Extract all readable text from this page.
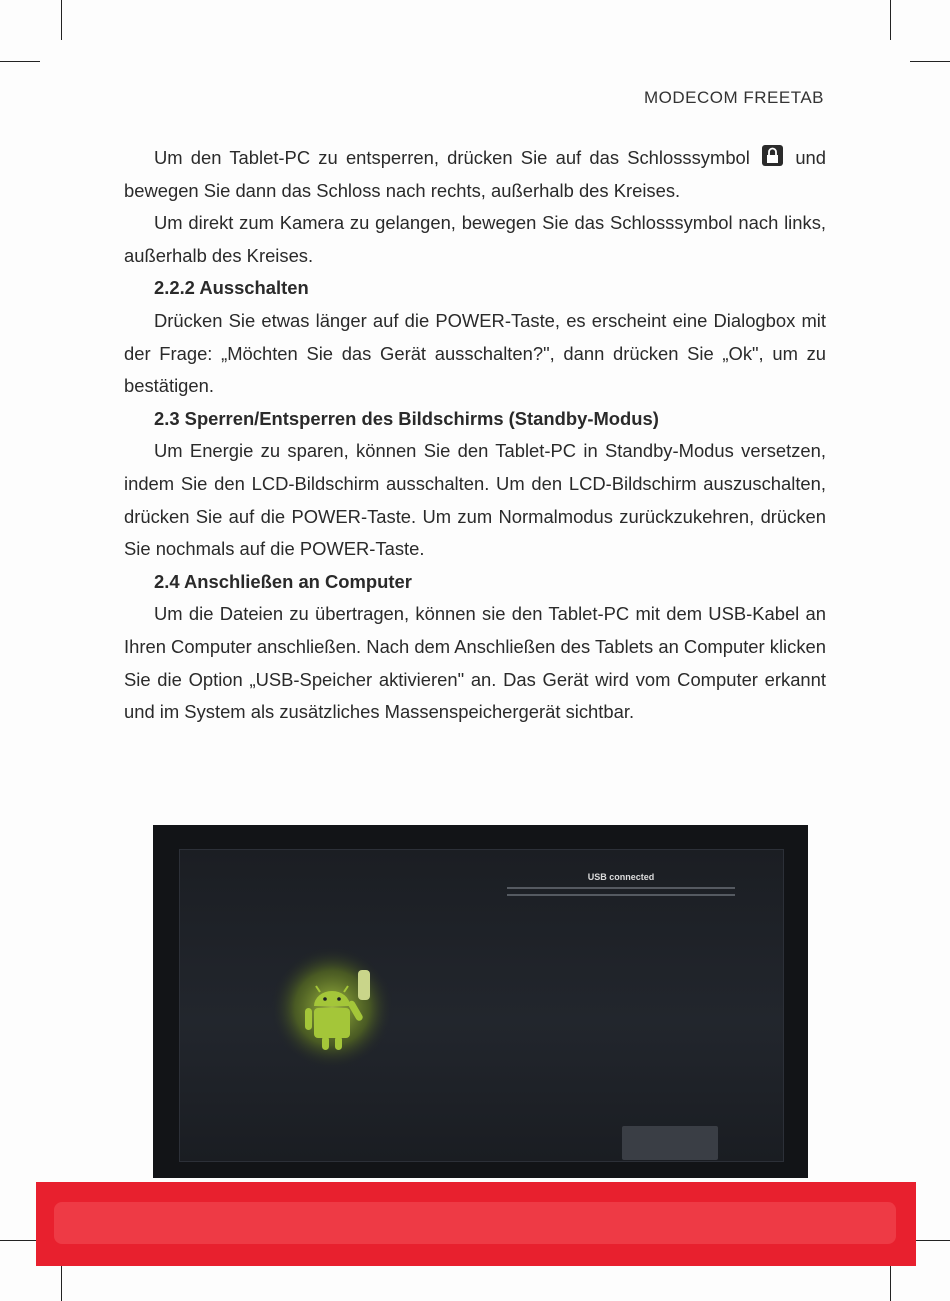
MODECOM FREETAB

Um den Tablet-PC zu entsperren, drücken Sie auf das Schlosssymbol und bewegen Sie dann das Schloss nach rechts, außerhalb des Kreises.

Um direkt zum Kamera zu gelangen, bewegen Sie das Schlosssymbol nach links, außerhalb des Kreises.

2.2.2 Ausschalten

Drücken Sie etwas länger auf die POWER-Taste, es erscheint eine Dialogbox mit der Frage: „Möchten Sie das Gerät ausschalten?", dann drücken Sie „Ok", um zu bestätigen.

2.3 Sperren/Entsperren des Bildschirms (Standby-Modus)

Um Energie zu sparen, können Sie den Tablet-PC in Standby-Modus versetzen, indem Sie den LCD-Bildschirm ausschalten. Um den LCD-Bildschirm auszuschalten, drücken Sie auf die POWER-Taste. Um zum Normalmodus zurückzukehren, drücken Sie nochmals auf die POWER-Taste.

2.4 Anschließen an Computer

Um die Dateien zu übertragen, können sie den Tablet-PC mit dem USB-Kabel an Ihren Computer anschließen. Nach dem Anschließen des Tablets an Computer klicken Sie die Option „USB-Speicher aktivieren" an. Das Gerät wird vom Computer erkannt und im System als zusätzliches Massenspeichergerät sichtbar.

USB connected
